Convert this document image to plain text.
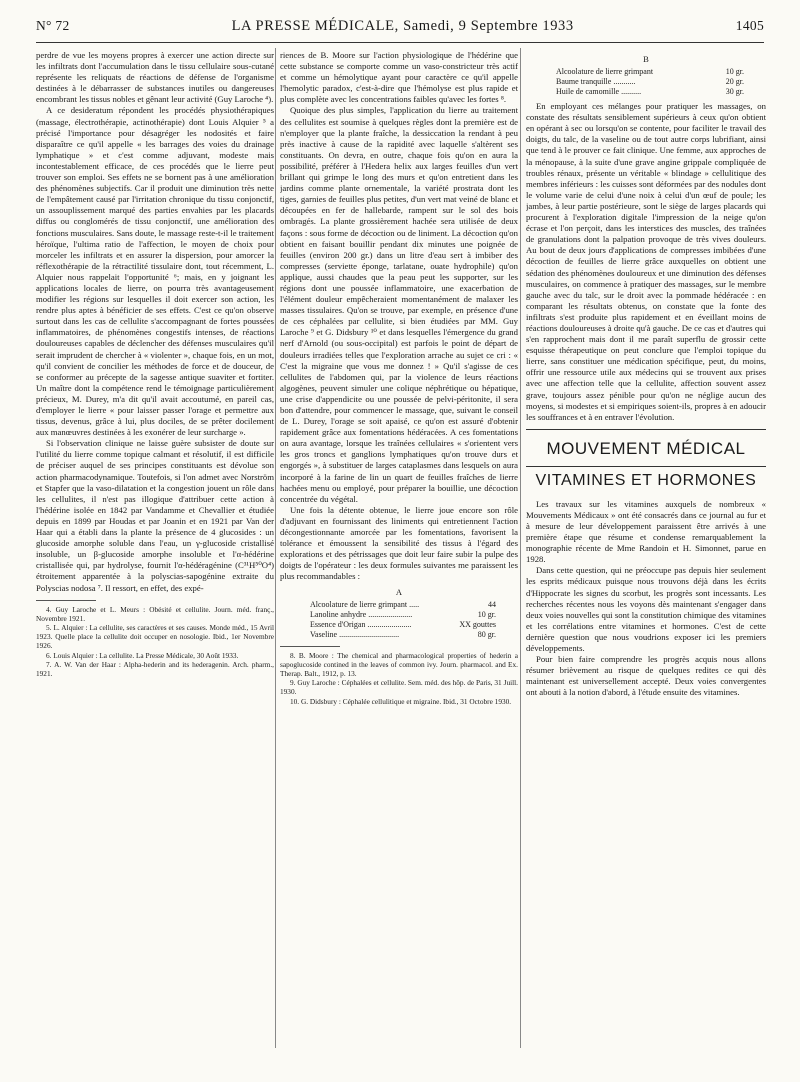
N° 72	LA PRESSE MÉDICALE, Samedi, 9 Septembre 1933	1405

perdre de vue les moyens propres à exercer une action directe sur les infiltrats dont l'accumulation dans le tissu cellulaire sous-cutané représente les reliquats de réactions de défense de l'organisme destinées à le débarrasser de substances inutiles ou dangereuses encombrant les tissus nobles et gênant leur activité (Guy Laroche ⁴).

A ce desideratum répondent les procédés physiothérapiques (massage, électrothérapie, actinothérapie) dont Louis Alquier ⁵ a précisé l'importance pour désagréger les nodosités et faire disparaître ce qu'il appelle « les barrages des voies du drainage lymphatique » et c'est comme adjuvant, modeste mais incontestablement efficace, de ces procédés que le lierre peut trouver son emploi. Ses effets ne se bornent pas à une amélioration des phénomènes subjectifs. Car il produit une diminution très nette de l'empâtement causé par l'irritation chronique du tissu conjonctif, un assouplissement marqué des parties envahies par les placards diffus ou conglomérés de tissu conjonctif, une amélioration des fonctions musculaires. Sans doute, le massage reste-t-il le traitement héroïque, l'ultima ratio de l'affection, le moyen de choix pour morceler les infiltrats et en assurer la dispersion, pour amorcer la réflexothérapie de la rétractilité tissulaire dont, tout récemment, L. Alquier nous rappelait l'opportunité ⁶; mais, en y joignant les applications locales de lierre, on pourra très avantageusement modifier les régions sur lesquelles il doit exercer son action, les rendre plus aptes à bénéficier de ses effets. C'est ce qu'on observe surtout dans les cas de cellulite s'accompagnant de fortes poussées inflammatoires, de phénomènes congestifs intenses, de réactions douloureuses capables de déclencher des défenses musculaires qu'il serait imprudent de chercher à « violenter », chaque fois, en un mot, qu'il convient de concilier les méthodes de force et de douceur, de se conformer au précepte de la sagesse antique suaviter et fortiter. Un maître dont la compétence rend le témoignage particulièrement précieux, M. Durey, m'a dit qu'il avait accoutumé, en pareil cas, d'employer le lierre « pour laisser passer l'orage et permettre aux tissus, devenus, grâce à lui, plus dociles, de se prêter docilement aux manœuvres destinées à les exonérer de leur surcharge ».

Si l'observation clinique ne laisse guère subsister de doute sur l'utilité du lierre comme topique calmant et résolutif, il est difficile de préciser auquel de ses principes constituants est dévolue son action pharmacodynamique. Toutefois, si l'on admet avec Norström et Stapfer que la vaso-dilatation et la congestion jouent un rôle dans les cellulites, il n'est pas illogique d'attribuer cette action à l'hédérine isolée en 1842 par Vandamme et Chevallier et étudiée depuis en 1899 par Houdas et par Joanin et en 1921 par Van der Haar qui a établi dans la plante la présence de 4 glucosides : un glucoside amorphe soluble dans l'eau, un γ-glucoside cristallisé insoluble, un β-glucoside amorphe insoluble et l'α-hédérine cristallisée qui, par hydrolyse, fournit l'α-hédéragénine (C³¹H⁵⁰O⁴) étroitement apparentée à la polyscias-sapogénine extraite du Polyscias nodosa ⁷. Il ressort, en effet, des expé-

4. Guy Laroche et L. Meurs : Obésité et cellulite. Journ. méd. franç., Novembre 1921.

5. L. Alquier : La cellulite, ses caractères et ses causes. Monde méd., 15 Avril 1923. Quelle place la cellulite doit occuper en nosologie. Ibid., 1er Novembre 1926.

6. Louis Alquier : La cellulite. La Presse Médicale, 30 Août 1933.

7. A. W. Van der Haar : Alpha-hederin and its hederagenin. Arch. pharm., 1921.

riences de B. Moore sur l'action physiologique de l'hédérine que cette substance se comporte comme un vaso-constricteur très actif et comme un hémolytique ayant pour caractère ce qu'il appelle l'hemolytic paradox, c'est-à-dire que l'hémolyse est plus rapide et plus complète avec les concentrations faibles qu'avec les fortes ⁸.

Quoique des plus simples, l'application du lierre au traitement des cellulites est soumise à quelques règles dont la première est de n'employer que la plante fraîche, la dessiccation la rendant à peu près inactive à cause de la rapidité avec laquelle s'altèrent ses constituants. On devra, en outre, chaque fois qu'on en aura la possibilité, préférer à l'Hedera helix aux larges feuilles d'un vert brillant qui grimpe le long des murs et qu'on entretient dans les jardins comme plante ornementale, la variété prostrata dont les tiges, garnies de feuilles plus petites, d'un vert mat veiné de blanc et découpées en fer de hallebarde, rampent sur le sol des bois ombragés. La plante grossièrement hachée sera utilisée de deux façons : sous forme de décoction ou de liniment. La décoction qu'on obtient en faisant bouillir pendant dix minutes une poignée de feuilles (environ 200 gr.) dans un litre d'eau sert à imbiber des compresses (serviette éponge, tarlatane, ouate hydrophile) qu'on applique, aussi chaudes que la peau peut les supporter, sur les régions dont une poussée inflammatoire, une exacerbation de l'élément douleur empêcheraient momentanément de malaxer les masses tissulaires. Qu'on se trouve, par exemple, en présence d'une de ces céphalées par cellulite, si bien étudiées par MM. Guy Laroche ⁹ et G. Didsbury ¹⁰ et dans lesquelles l'émergence du grand nerf d'Arnold (ou sous-occipital) est parfois le point de départ de douleurs irradiées telles que l'exploration arrache au sujet ce cri : « C'est la migraine que vous me donnez ! » Qu'il s'agisse de ces cellulites de l'abdomen qui, par la violence de leurs réactions algogènes, peuvent simuler une colique néphrétique ou hépatique, une crise d'appendicite ou une poussée de pelvi-péritonite, il sera bon d'attendre, pour commencer le massage, que, suivant le conseil de L. Durey, l'orage se soit apaisé, ce qu'on est assuré d'obtenir rapidement grâce aux fomentations hédéracées. A ces fomentations on aura avantage, lorsque les traînées cellulaires « s'orientent vers les gros troncs et ganglions lymphatiques qu'on trouve durs et engorgés », à substituer de larges cataplasmes dans lesquels on aura incorporé à la farine de lin un quart de feuilles fraîches de lierre hachées menu ou employé, pour préparer la bouillie, une décoction concentrée du végétal.

Une fois la détente obtenue, le lierre joue encore son rôle d'adjuvant en fournissant des liniments qui entretiennent l'action décongestionnante amorcée par les fomentations, favorisent la tolérance et émoussent la sensibilité des tissus à l'égard des explorations et des pétrissages que doit leur faire subir la pulpe des doigts de l'opérateur : les deux formules suivantes me paraissent les plus recommandables :

A
Alcoolature de lierre grimpant .....	44
Lanoline anhydre ......................	10 gr.
Essence d'Origan ......................	XX gouttes
Vaseline ..............................	80 gr.

8. B. Moore : The chemical and pharmacological properties of hederin a sapoglucoside contined in the leaves of common ivy. Journ. pharmacol. and Ex. Therap. Balt., 1912, p. 13.

9. Guy Laroche : Céphalées et cellulite. Sem. méd. des hôp. de Paris, 31 Juill. 1930.

10. G. Didsbury : Céphalée cellulitique et migraine. Ibid., 31 Octobre 1930.

B
Alcoolature de lierre grimpant	10 gr.
Baume tranquille ...........	20 gr.
Huile de camomille ..........	30 gr.

En employant ces mélanges pour pratiquer les massages, on constate des résultats sensiblement supérieurs à ceux qu'on obtient en opérant à sec ou lorsqu'on se contente, pour faciliter le travail des doigts, du talc, de la vaseline ou de tout autre corps lubrifiant, ainsi que tend à le prouver ce fait clinique. Une femme, aux approches de la ménopause, à la suite d'une grave angine grippale compliquée de troubles rénaux, présente un véritable « blindage » cellulitique des membres inférieurs : les cuisses sont déformées par des nodules dont le volume varie de celui d'une noix à celui d'un œuf de poule; les jambes, à leur partie postérieure, sont le siège de larges placards qui procurent à l'exploration digitale l'impression de la neige qu'on écrase et l'on perçoit, dans les interstices des muscles, des traînées de granulations dont la palpation provoque de très vives douleurs. Au bout de deux jours d'applications de compresses imbibées d'une décoction de feuilles de lierre grâce auxquelles on obtient une sédation des phénomènes douloureux et une diminution des défenses musculaires, on commence à pratiquer des massages, sur le membre gauche avec du talc, sur le droit avec la pommade hédéracée : en comparant les résultats obtenus, on constate que la fonte des infiltrats s'est produite plus rapidement et en éveillant moins de réactions douloureuses à droite qu'à gauche. De ce cas et d'autres qui s'en rapprochent mais dont il me paraît superflu de grossir cette esquisse thérapeutique on peut conclure que l'emploi topique du lierre, sans constituer une médication spécifique, peut, du moins, offrir une ressource utile aux médecins qui se trouvent aux prises avec une affection telle que la cellulite, affection souvent assez grave, toujours assez pénible pour qu'on ne néglige aucun des moyens, si modestes et si empiriques soient-ils, propres à en adoucir les souffrances et à en entraver l'évolution.

MOUVEMENT MÉDICAL
VITAMINES ET HORMONES

Les travaux sur les vitamines auxquels de nombreux « Mouvements Médicaux » ont été consacrés dans ce journal au fur et à mesure de leur développement paraissent être arrivés à une première étape que résume et condense remarquablement la monographie récente de Mme Randoin et H. Simonnet, parue en 1928.

Dans cette question, qui ne préoccupe pas depuis hier seulement les esprits médicaux puisque nous trouvons déjà dans les écrits d'Hippocrate les signes du scorbut, les progrès sont incessants. Les recherches récentes nous les voyons dès maintenant s'engager dans deux voies nouvelles qui sont la constitution chimique des vitamines et les corrélations entre vitamines et hormones. C'est de cette dernière question que nous voudrions exposer ici les premiers développements.

Pour bien faire comprendre les progrès acquis nous allons résumer brièvement au risque de quelques redites ce qui dès maintenant est universellement accepté. Deux voies convergentes ont abouti à la notion d'abord, à l'étude ensuite des vitamines.
